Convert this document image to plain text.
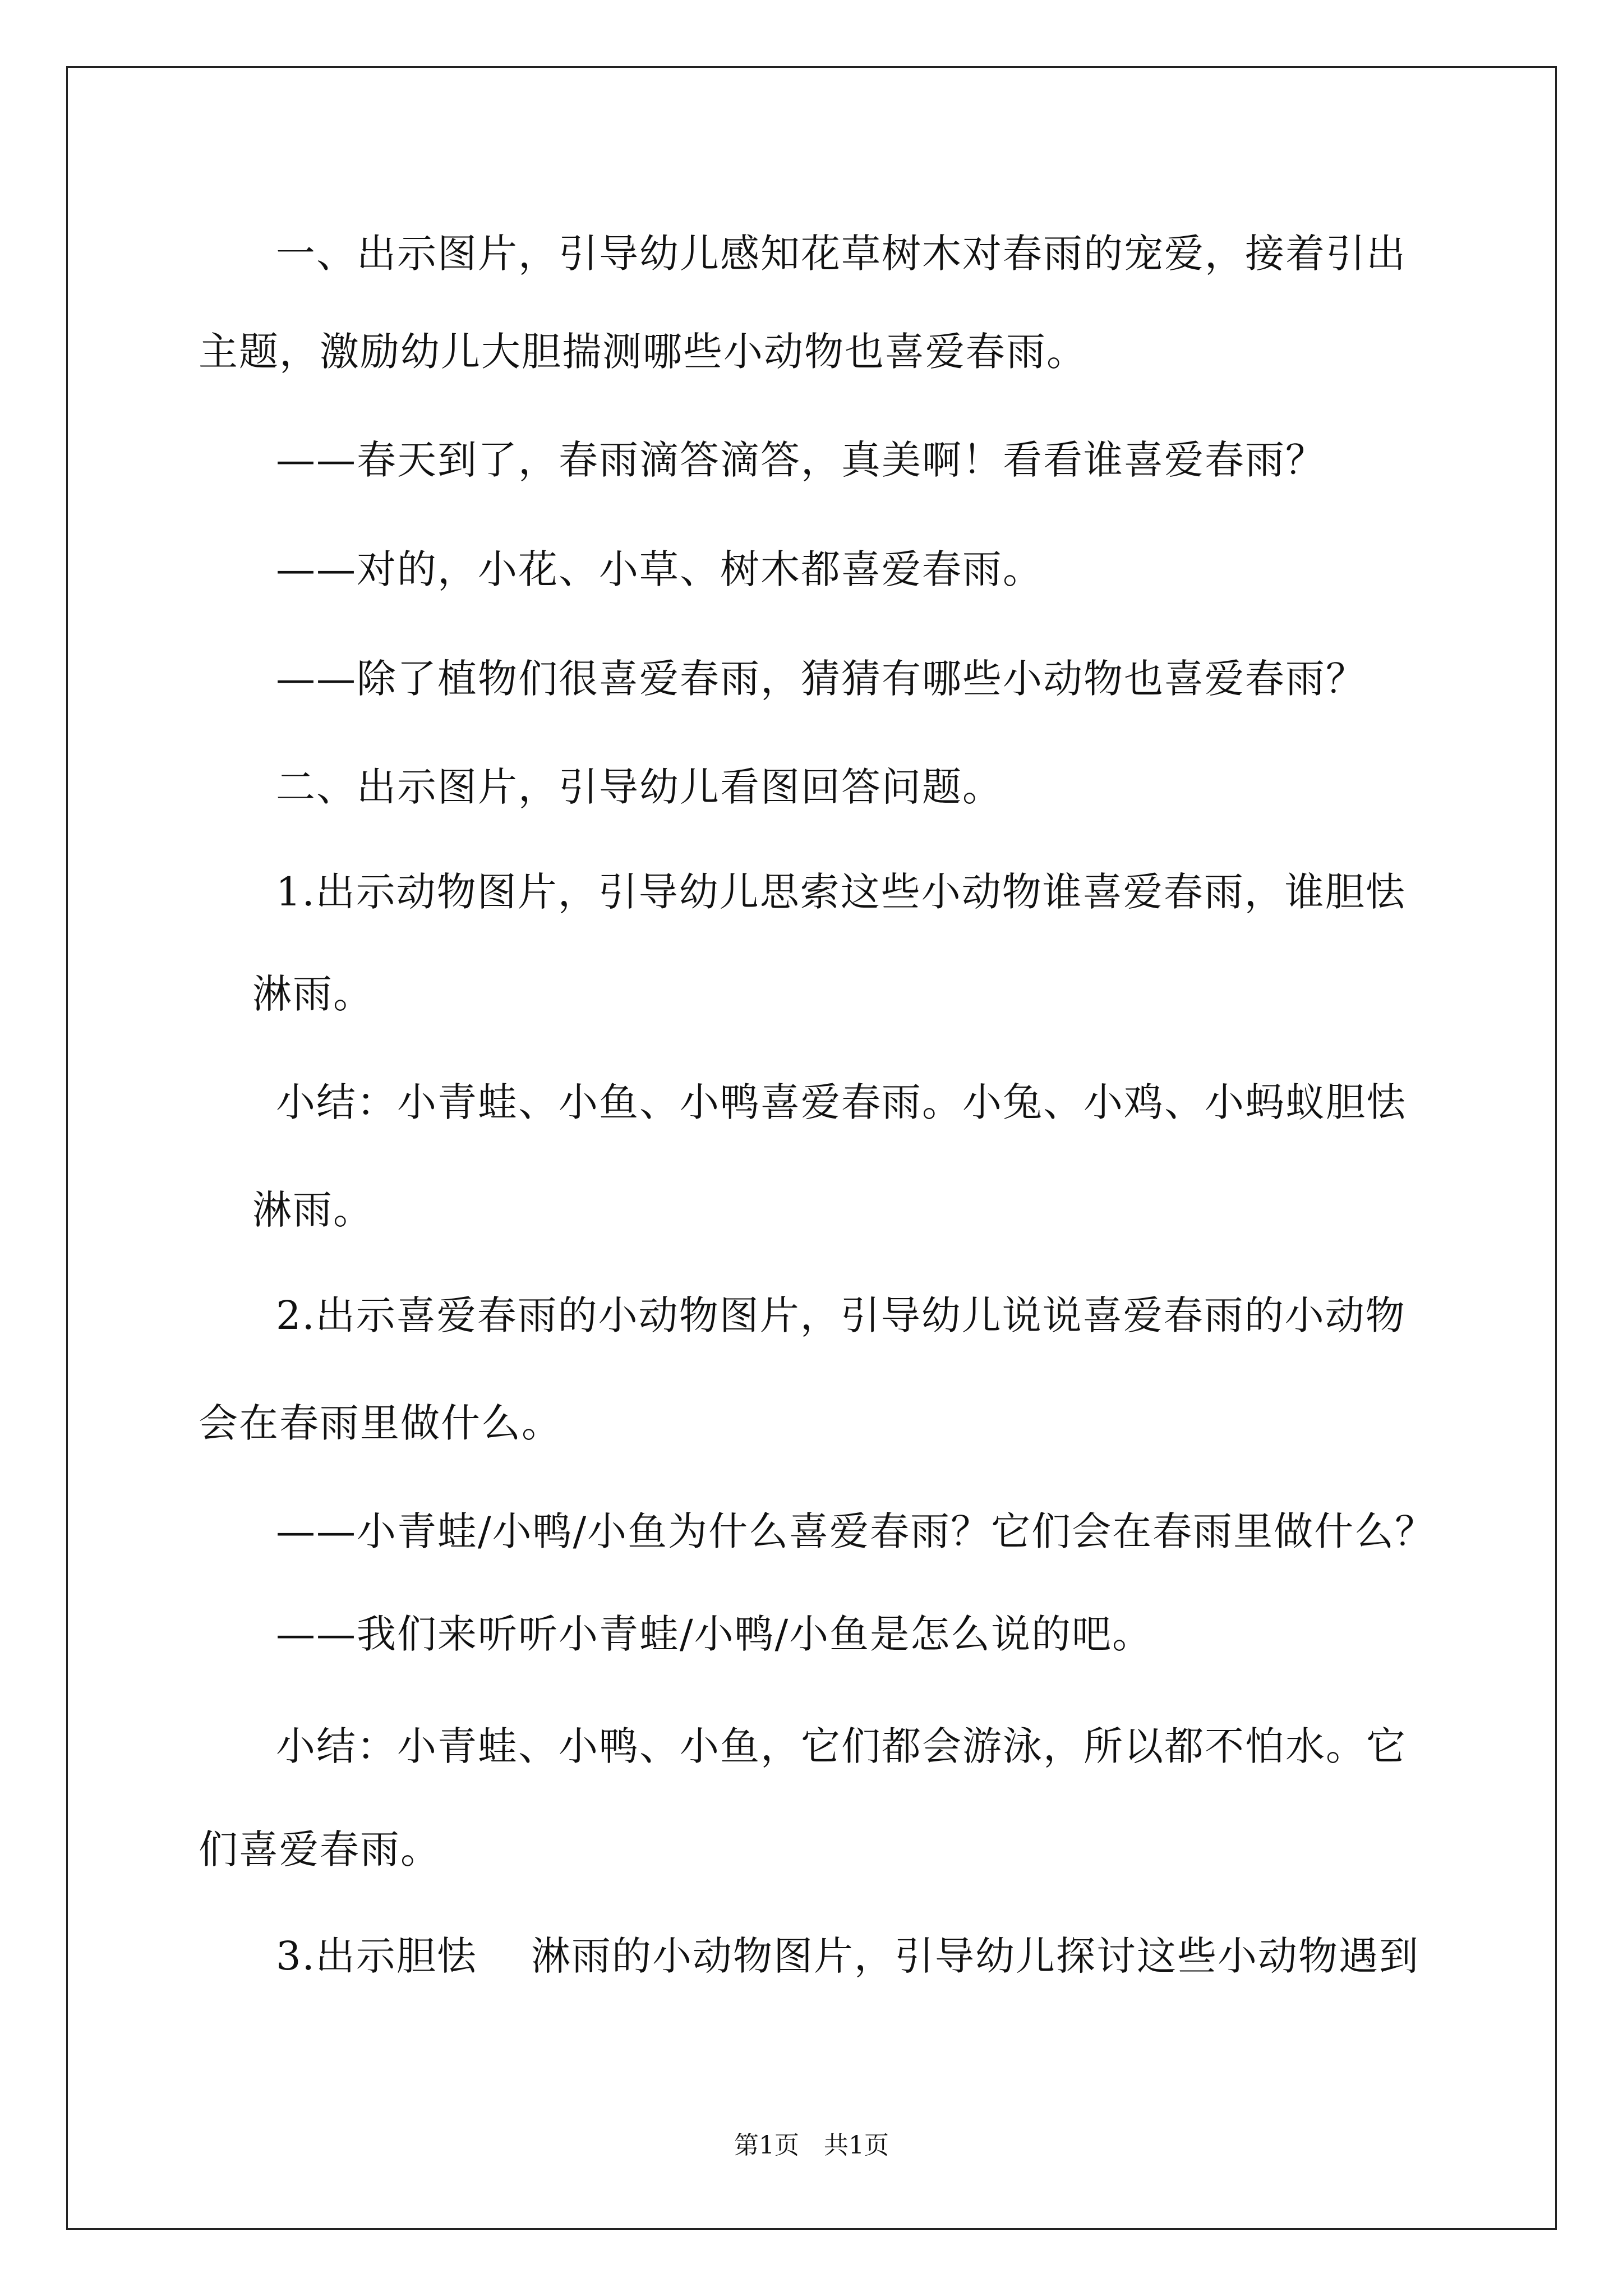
一、出示图片，引导幼儿感知花草树木对春雨的宠爱，接着引出
主题，激励幼儿大胆揣测哪些小动物也喜爱春雨。
——春天到了，春雨滴答滴答，真美啊！看看谁喜爱春雨？
——对的，小花、小草、树木都喜爱春雨。
——除了植物们很喜爱春雨，猜猜有哪些小动物也喜爱春雨？
二、出示图片，引导幼儿看图回答问题。
1.出示动物图片，引导幼儿思索这些小动物谁喜爱春雨，谁胆怯
淋雨。
小结：小青蛙、小鱼、小鸭喜爱春雨。小兔、小鸡、小蚂蚁胆怯
淋雨。
2.出示喜爱春雨的小动物图片，引导幼儿说说喜爱春雨的小动物
会在春雨里做什么。
——小青蛙/小鸭/小鱼为什么喜爱春雨？它们会在春雨里做什么？
——我们来听听小青蛙/小鸭/小鱼是怎么说的吧。
小结：小青蛙、小鸭、小鱼，它们都会游泳，所以都不怕水。它
们喜爱春雨。
3.出示胆怯　 淋雨的小动物图片，引导幼儿探讨这些小动物遇到
第1页　共1页
